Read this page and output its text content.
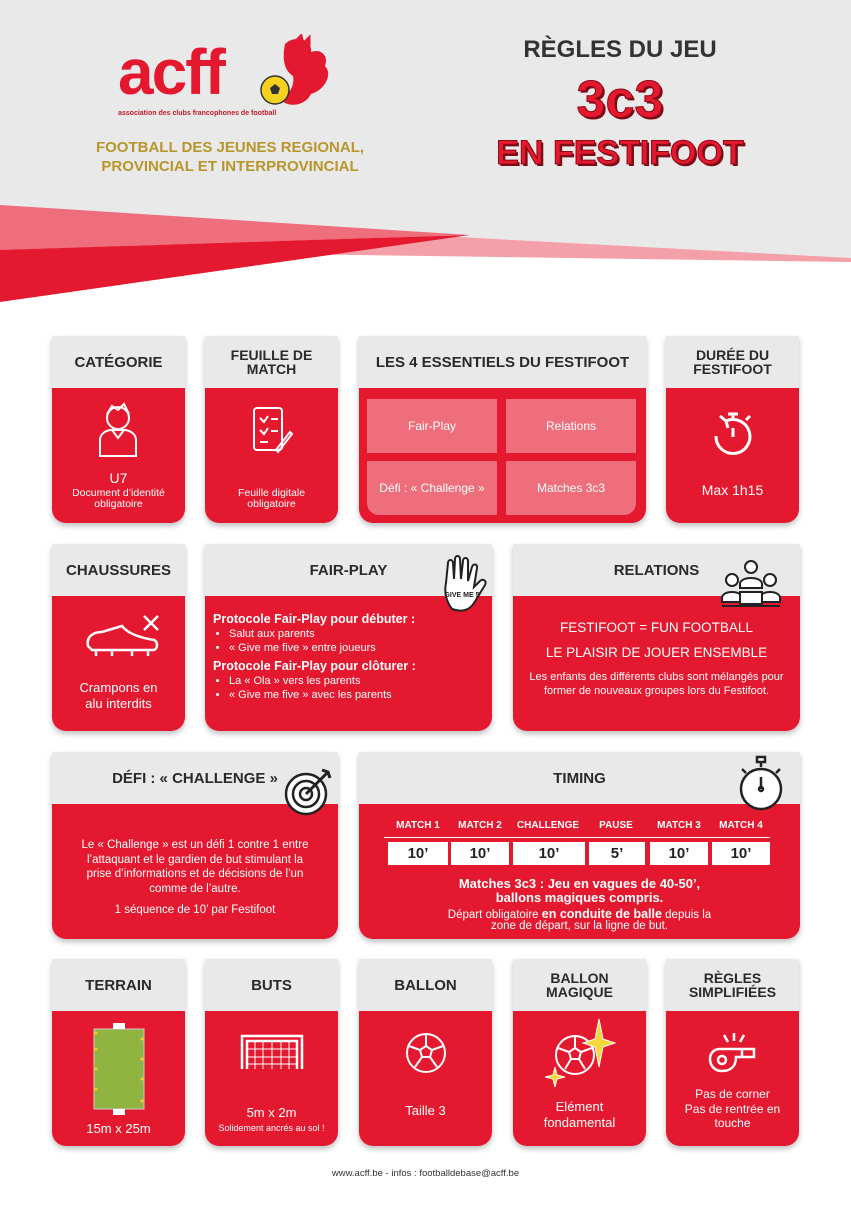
acff
association des clubs francophones de football
FOOTBALL DES JEUNES REGIONAL,
PROVINCIAL ET INTERPROVINCIAL
RÈGLES DU JEU
3c3
EN FESTIFOOT
CATÉGORIE
U7
Document d’identité obligatoire
FEUILLE DE
MATCH
Feuille digitale obligatoire
LES 4 ESSENTIELS DU FESTIFOOT
Fair-Play	Relations
Défi : « Challenge »	Matches 3c3
DURÉE DU
FESTIFOOT
Max 1h15
CHAUSSURES
Crampons en
alu interdits
FAIR-PLAY
Protocole Fair-Play pour débuter :
• Salut aux parents
• « Give me five » entre joueurs
Protocole Fair-Play pour clôturer :
• La « Ola » vers les parents
• « Give me five » avec les parents
GIVE ME 5
RELATIONS
FESTIFOOT = FUN FOOTBALL
LE PLAISIR DE JOUER ENSEMBLE
Les enfants des différents clubs sont mélangés pour former de nouveaux groupes lors du Festifoot.
DÉFI : « CHALLENGE »
Le « Challenge » est un défi 1 contre 1 entre l’attaquant et le gardien de but stimulant la prise d’informations et de décisions de l’un comme de l’autre.
1 séquence de 10’ par Festifoot
TIMING
MATCH 1	MATCH 2	CHALLENGE	PAUSE	MATCH 3	MATCH 4
10’	10’	10’	5’	10’	10’
Matches 3c3 : Jeu en vagues de 40-50’,
ballons magiques compris.
Départ obligatoire en conduite de balle depuis la
zone de départ, sur la ligne de but.
TERRAIN
15m x 25m
BUTS
5m x 2m
Solidement ancrés au sol !
BALLON
Taille 3
BALLON
MAGIQUE
Elément
fondamental
RÈGLES
SIMPLIFIÉES
Pas de corner
Pas de rentrée en
touche
www.acff.be - infos : footballdebase@acff.be
